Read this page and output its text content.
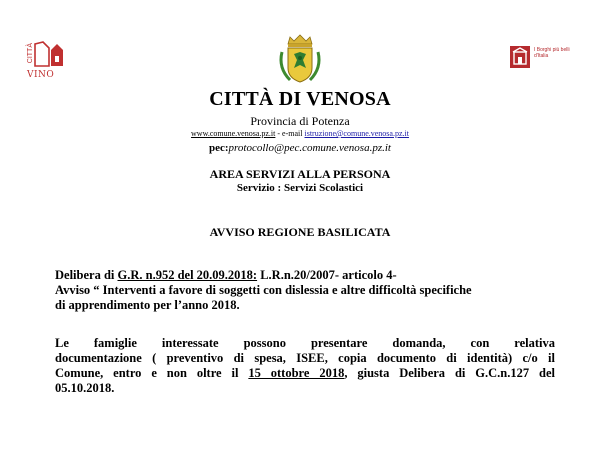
CITTÀ
VINO
I Borghi più belli d'Italia
CITTÀ DI VENOSA
Provincia di Potenza
www.comune.venosa.pz.it - e-mail istruzione@comune.venosa.pz.it
pec:protocollo@pec.comune.venosa.pz.it
AREA SERVIZI ALLA PERSONA
Servizio : Servizi Scolastici
AVVISO REGIONE BASILICATA
Delibera di G.R. n.952 del 20.09.2018: L.R.n.20/2007- articolo 4-
Avviso “ Interventi a favore di soggetti con dislessia e altre difficoltà specifiche
di apprendimento per l’anno 2018.
Le famiglie interessate possono presentare domanda, con relativa
documentazione ( preventivo di spesa, ISEE, copia documento di identità) c/o il
Comune, entro e non oltre il 15 ottobre 2018, giusta Delibera di G.C.n.127 del
05.10.2018.
